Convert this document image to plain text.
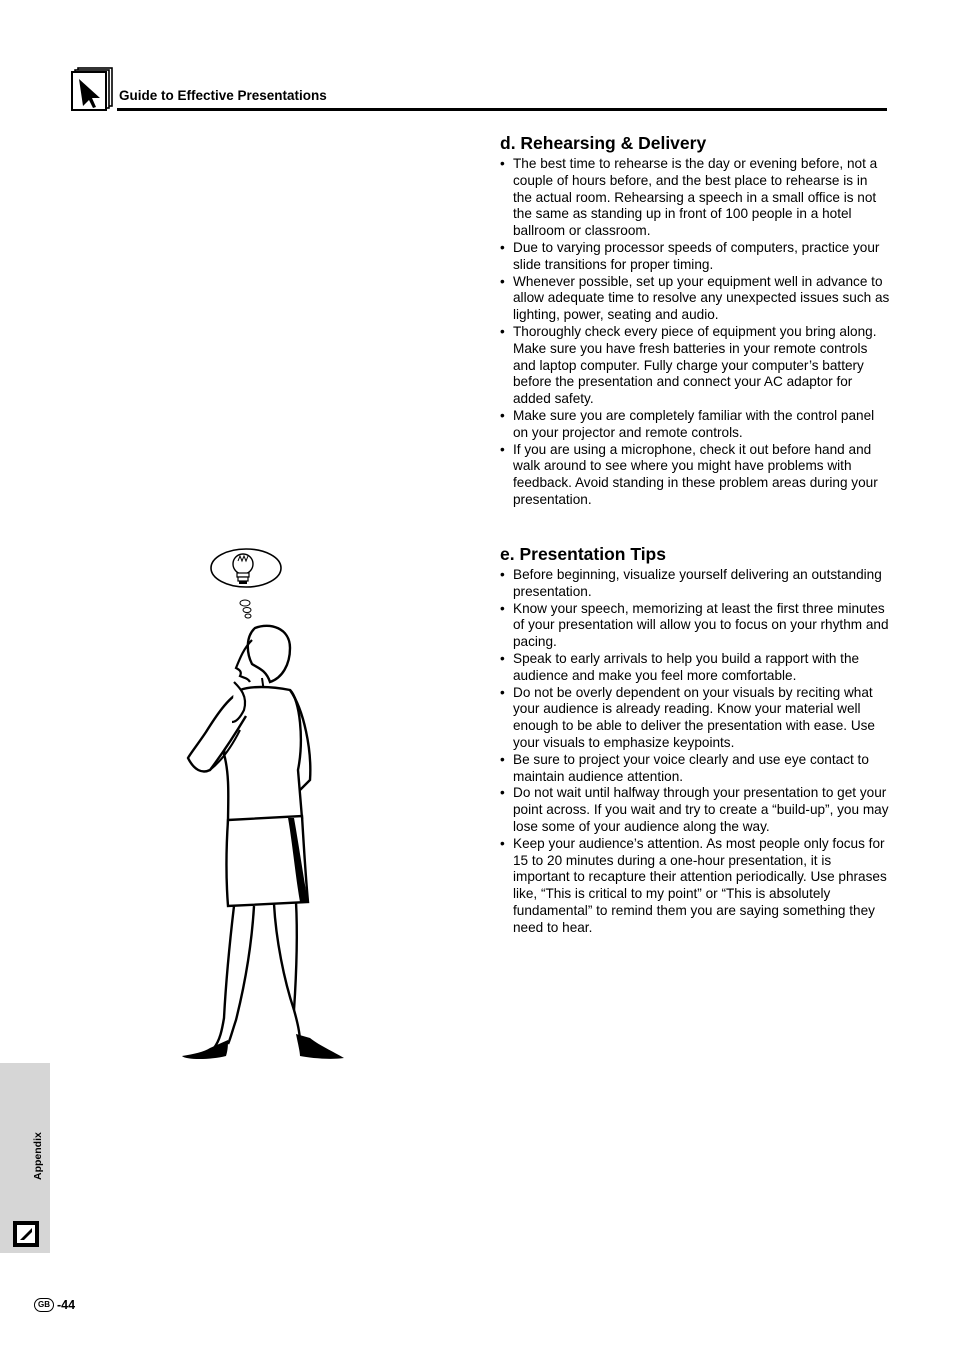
Guide to Effective Presentations
d. Rehearsing & Delivery
• The best time to rehearse is the day or evening before, not a couple of hours before, and the best place to rehearse is in the actual room. Rehearsing a speech in a small office is not the same as standing up in front of 100 people in a hotel ballroom or classroom.
• Due to varying processor speeds of computers, practice your slide transitions for proper timing.
• Whenever possible, set up your equipment well in advance to allow adequate time to resolve any unexpected issues such as lighting, power, seating and audio.
• Thoroughly check every piece of equipment you bring along. Make sure you have fresh batteries in your remote controls and laptop computer. Fully charge your computer’s battery before the presentation and connect your AC adaptor for added safety.
• Make sure you are completely familiar with the control panel on your projector and remote controls.
• If you are using a microphone, check it out before hand and walk around to see where you might have problems with feedback. Avoid standing in these problem areas during your presentation.
e. Presentation Tips
• Before beginning, visualize yourself delivering an outstanding presentation.
• Know your speech, memorizing at least the first three minutes of your presentation will allow you to focus on your rhythm and pacing.
• Speak to early arrivals to help you build a rapport with the audience and make you feel more comfortable.
• Do not be overly dependent on your visuals by reciting what your audience is already reading. Know your material well enough to be able to deliver the presentation with ease. Use your visuals to emphasize keypoints.
• Be sure to project your voice clearly and use eye contact to maintain audience attention.
• Do not wait until halfway through your presentation to get your point across. If you wait and try to create a “build-up”, you may lose some of your audience along the way.
• Keep your audience’s attention. As most people only focus for 15 to 20 minutes during a one-hour presentation, it is important to recapture their attention periodically. Use phrases like, “This is critical to my point” or “This is absolutely fundamental” to remind them you are saying something they need to hear.
Appendix
GB -44
